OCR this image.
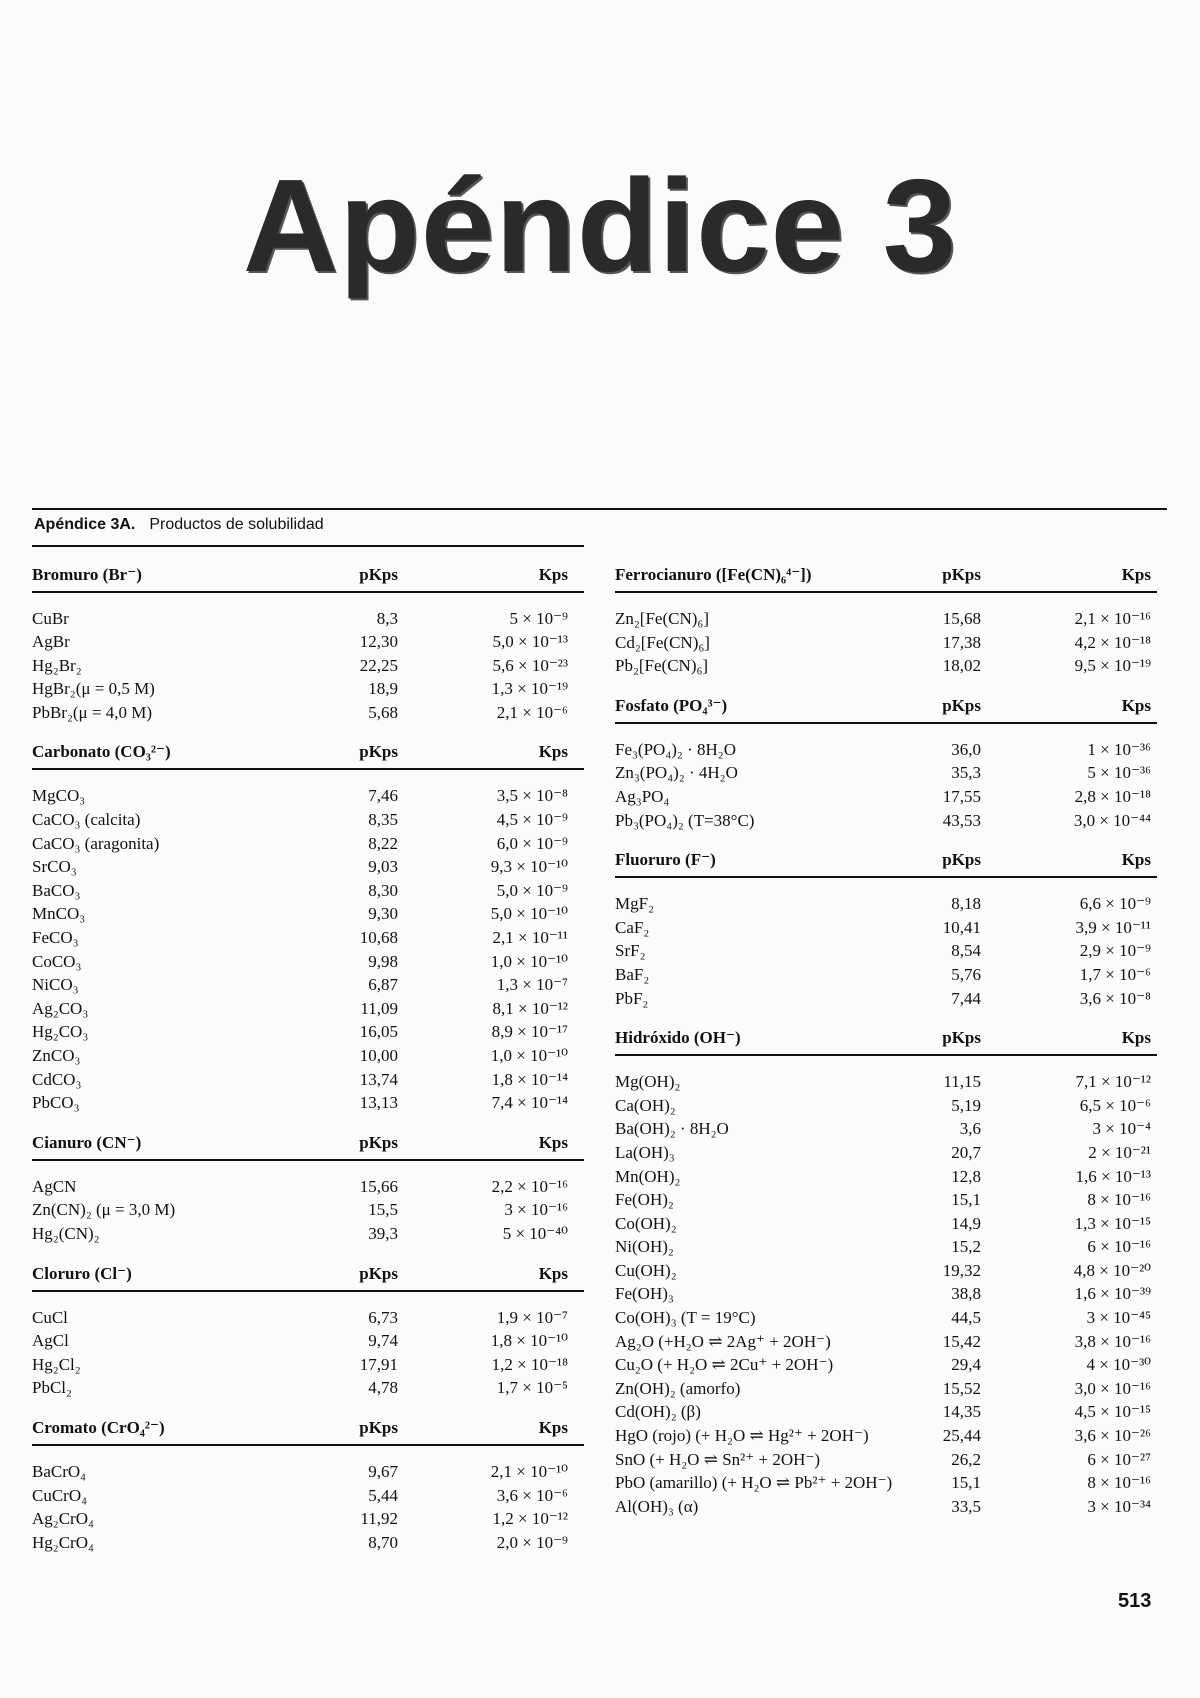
Apéndice 3
Apéndice 3A. Productos de solubilidad
Bromuro (Br⁻)	pKps	Kps
CuBr	8,3	5 × 10⁻⁹
AgBr	12,30	5,0 × 10⁻¹³
Hg₂Br₂	22,25	5,6 × 10⁻²³
HgBr₂(μ = 0,5 M)	18,9	1,3 × 10⁻¹⁹
PbBr₂(μ = 4,0 M)	5,68	2,1 × 10⁻⁶
Carbonato (CO₃²⁻)	pKps	Kps
MgCO₃	7,46	3,5 × 10⁻⁸
CaCO₃ (calcita)	8,35	4,5 × 10⁻⁹
CaCO₃ (aragonita)	8,22	6,0 × 10⁻⁹
SrCO₃	9,03	9,3 × 10⁻¹⁰
BaCO₃	8,30	5,0 × 10⁻⁹
MnCO₃	9,30	5,0 × 10⁻¹⁰
FeCO₃	10,68	2,1 × 10⁻¹¹
CoCO₃	9,98	1,0 × 10⁻¹⁰
NiCO₃	6,87	1,3 × 10⁻⁷
Ag₂CO₃	11,09	8,1 × 10⁻¹²
Hg₂CO₃	16,05	8,9 × 10⁻¹⁷
ZnCO₃	10,00	1,0 × 10⁻¹⁰
CdCO₃	13,74	1,8 × 10⁻¹⁴
PbCO₃	13,13	7,4 × 10⁻¹⁴
Cianuro (CN⁻)	pKps	Kps
AgCN	15,66	2,2 × 10⁻¹⁶
Zn(CN)₂ (μ = 3,0 M)	15,5	3 × 10⁻¹⁶
Hg₂(CN)₂	39,3	5 × 10⁻⁴⁰
Cloruro (Cl⁻)	pKps	Kps
CuCl	6,73	1,9 × 10⁻⁷
AgCl	9,74	1,8 × 10⁻¹⁰
Hg₂Cl₂	17,91	1,2 × 10⁻¹⁸
PbCl₂	4,78	1,7 × 10⁻⁵
Cromato (CrO₄²⁻)	pKps	Kps
BaCrO₄	9,67	2,1 × 10⁻¹⁰
CuCrO₄	5,44	3,6 × 10⁻⁶
Ag₂CrO₄	11,92	1,2 × 10⁻¹²
Hg₂CrO₄	8,70	2,0 × 10⁻⁹
Ferrocianuro ([Fe(CN)₆⁴⁻])	pKps	Kps
Zn₂[Fe(CN)₆]	15,68	2,1 × 10⁻¹⁶
Cd₂[Fe(CN)₆]	17,38	4,2 × 10⁻¹⁸
Pb₂[Fe(CN)₆]	18,02	9,5 × 10⁻¹⁹
Fosfato (PO₄³⁻)	pKps	Kps
Fe₃(PO₄)₂ · 8H₂O	36,0	1 × 10⁻³⁶
Zn₃(PO₄)₂ · 4H₂O	35,3	5 × 10⁻³⁶
Ag₃PO₄	17,55	2,8 × 10⁻¹⁸
Pb₃(PO₄)₂ (T=38°C)	43,53	3,0 × 10⁻⁴⁴
Fluoruro (F⁻)	pKps	Kps
MgF₂	8,18	6,6 × 10⁻⁹
CaF₂	10,41	3,9 × 10⁻¹¹
SrF₂	8,54	2,9 × 10⁻⁹
BaF₂	5,76	1,7 × 10⁻⁶
PbF₂	7,44	3,6 × 10⁻⁸
Hidróxido (OH⁻)	pKps	Kps
Mg(OH)₂	11,15	7,1 × 10⁻¹²
Ca(OH)₂	5,19	6,5 × 10⁻⁶
Ba(OH)₂ · 8H₂O	3,6	3 × 10⁻⁴
La(OH)₃	20,7	2 × 10⁻²¹
Mn(OH)₂	12,8	1,6 × 10⁻¹³
Fe(OH)₂	15,1	8 × 10⁻¹⁶
Co(OH)₂	14,9	1,3 × 10⁻¹⁵
Ni(OH)₂	15,2	6 × 10⁻¹⁶
Cu(OH)₂	19,32	4,8 × 10⁻²⁰
Fe(OH)₃	38,8	1,6 × 10⁻³⁹
Co(OH)₃ (T = 19°C)	44,5	3 × 10⁻⁴⁵
Ag₂O (+H₂O ⇌ 2Ag⁺ + 2OH⁻)	15,42	3,8 × 10⁻¹⁶
Cu₂O (+ H₂O ⇌ 2Cu⁺ + 2OH⁻)	29,4	4 × 10⁻³⁰
Zn(OH)₂ (amorfo)	15,52	3,0 × 10⁻¹⁶
Cd(OH)₂ (β)	14,35	4,5 × 10⁻¹⁵
HgO (rojo) (+ H₂O ⇌ Hg²⁺ + 2OH⁻)	25,44	3,6 × 10⁻²⁶
SnO (+ H₂O ⇌ Sn²⁺ + 2OH⁻)	26,2	6 × 10⁻²⁷
PbO (amarillo) (+ H₂O ⇌ Pb²⁺ + 2OH⁻)	15,1	8 × 10⁻¹⁶
Al(OH)₃ (α)	33,5	3 × 10⁻³⁴
513
